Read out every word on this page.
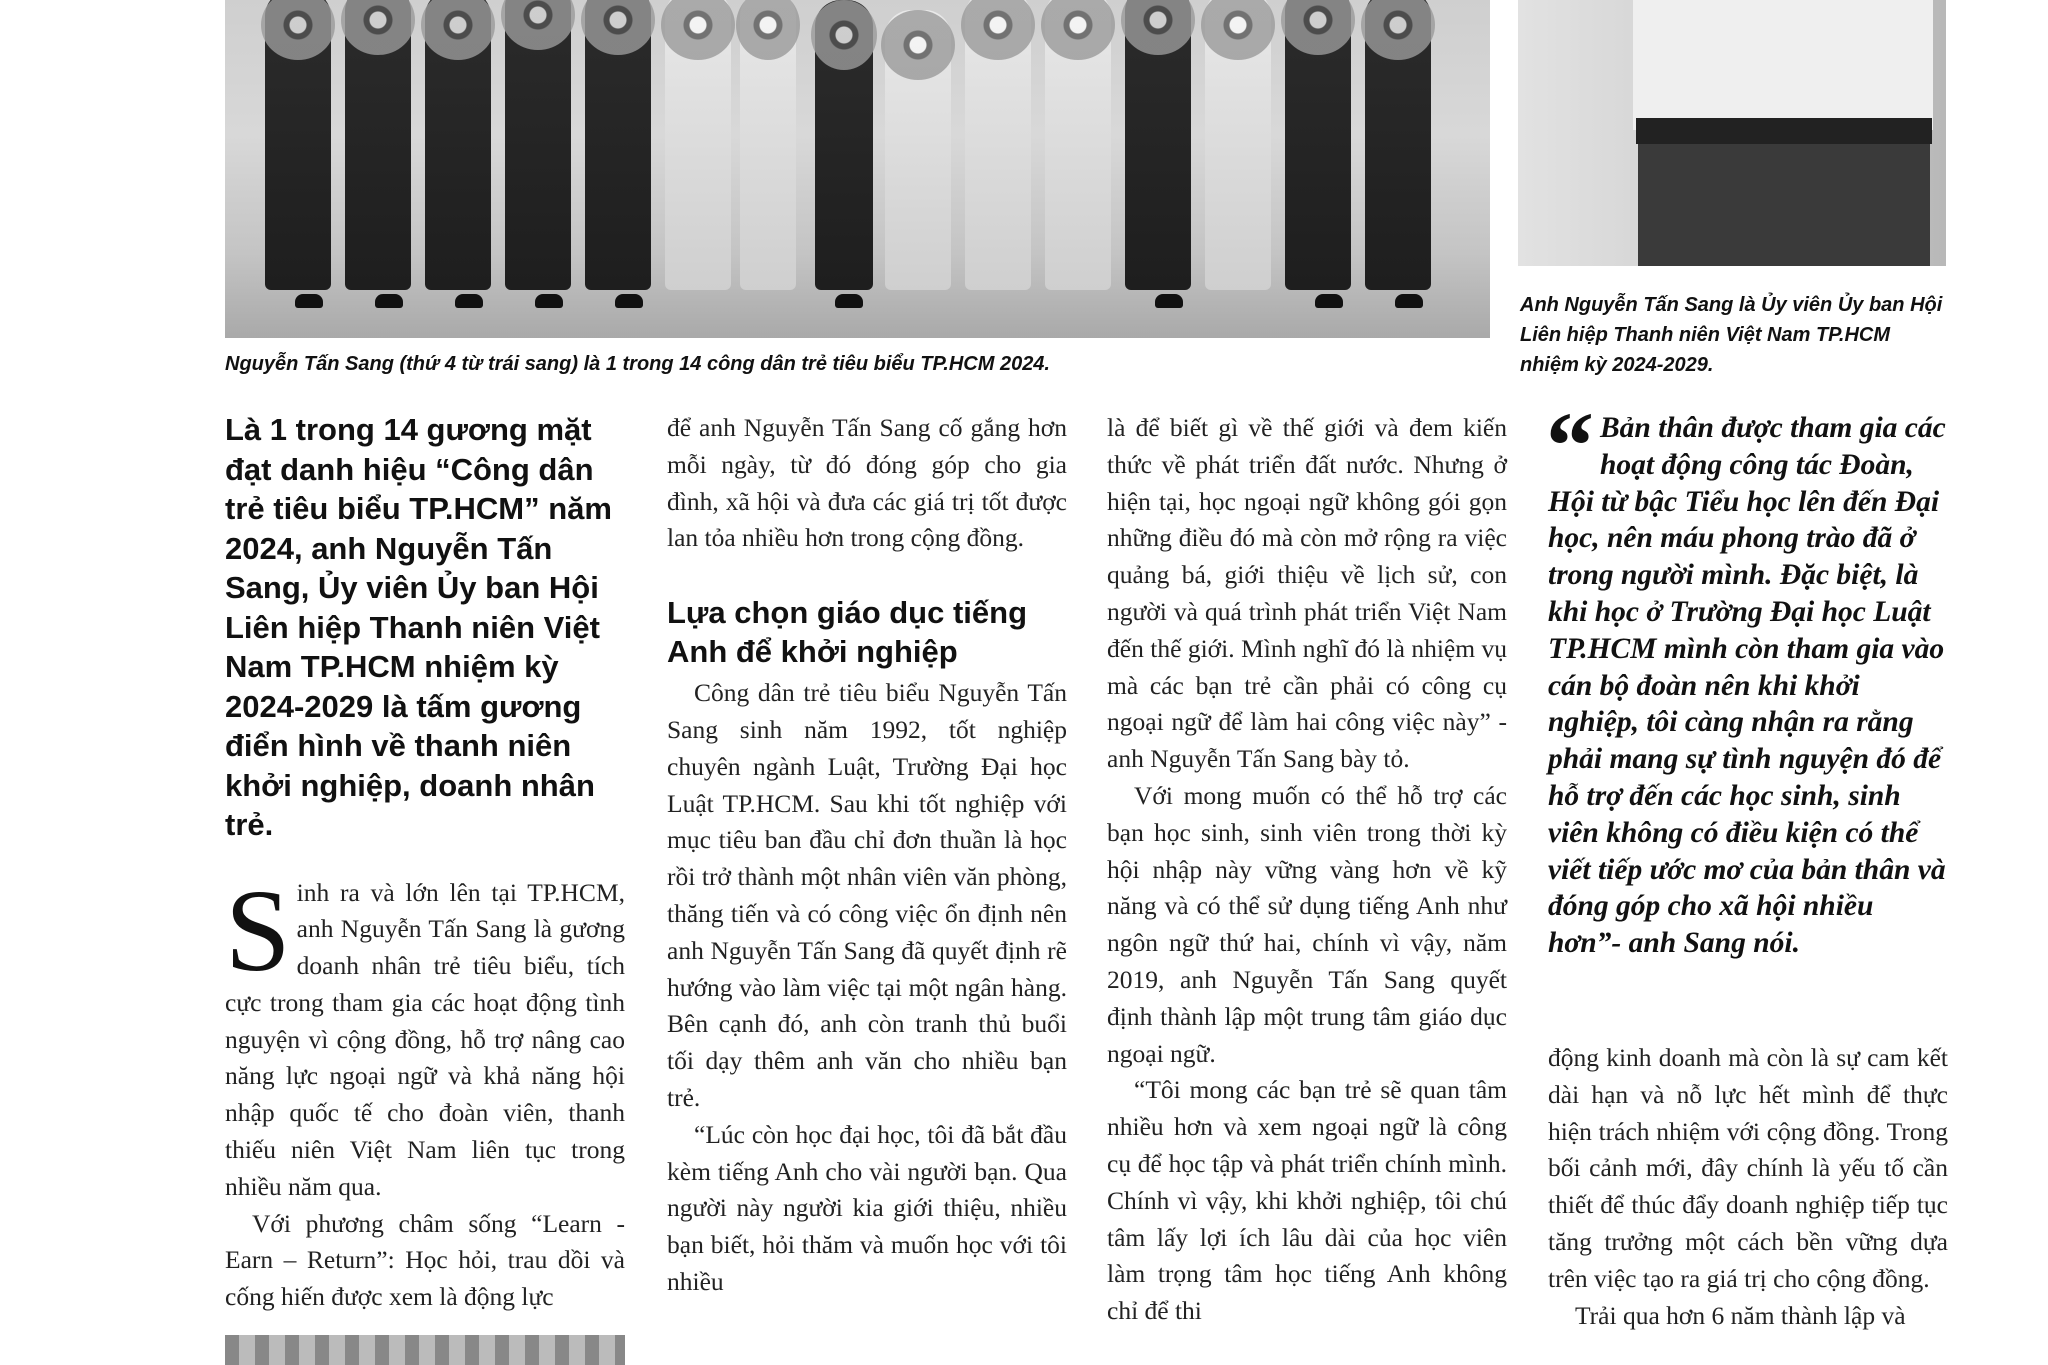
Nguyễn Tấn Sang (thứ 4 từ trái sang) là 1 trong 14 công dân trẻ tiêu biểu TP.HCM 2024.
Anh Nguyễn Tấn Sang là Ủy viên Ủy ban Hội Liên hiệp Thanh niên Việt Nam TP.HCM nhiệm kỳ 2024-2029.
Là 1 trong 14 gương mặt đạt danh hiệu “Công dân trẻ tiêu biểu TP.HCM” năm 2024, anh Nguyễn Tấn Sang, Ủy viên Ủy ban Hội Liên hiệp Thanh niên Việt Nam TP.HCM nhiệm kỳ 2024-2029 là tấm gương điển hình về thanh niên khởi nghiệp, doanh nhân trẻ.

Sinh ra và lớn lên tại TP.HCM, anh Nguyễn Tấn Sang là gương doanh nhân trẻ tiêu biểu, tích cực trong tham gia các hoạt động tình nguyện vì cộng đồng, hỗ trợ nâng cao năng lực ngoại ngữ và khả năng hội nhập quốc tế cho đoàn viên, thanh thiếu niên Việt Nam liên tục trong nhiều năm qua.

Với phương châm sống “Learn - Earn – Return”: Học hỏi, trau dồi và cống hiến được xem là động lực

để anh Nguyễn Tấn Sang cố gắng hơn mỗi ngày, từ đó đóng góp cho gia đình, xã hội và đưa các giá trị tốt được lan tỏa nhiều hơn trong cộng đồng.

Lựa chọn giáo dục tiếng Anh để khởi nghiệp

Công dân trẻ tiêu biểu Nguyễn Tấn Sang sinh năm 1992, tốt nghiệp chuyên ngành Luật, Trường Đại học Luật TP.HCM. Sau khi tốt nghiệp với mục tiêu ban đầu chỉ đơn thuần là học rồi trở thành một nhân viên văn phòng, thăng tiến và có công việc ổn định nên anh Nguyễn Tấn Sang đã quyết định rẽ hướng vào làm việc tại một ngân hàng. Bên cạnh đó, anh còn tranh thủ buổi tối dạy thêm anh văn cho nhiều bạn trẻ.

“Lúc còn học đại học, tôi đã bắt đầu kèm tiếng Anh cho vài người bạn. Qua người này người kia giới thiệu, nhiều bạn biết, hỏi thăm và muốn học với tôi nhiều

là để biết gì về thế giới và đem kiến thức về phát triển đất nước. Nhưng ở hiện tại, học ngoại ngữ không gói gọn những điều đó mà còn mở rộng ra việc quảng bá, giới thiệu về lịch sử, con người và quá trình phát triển Việt Nam đến thế giới. Mình nghĩ đó là nhiệm vụ mà các bạn trẻ cần phải có công cụ ngoại ngữ để làm hai công việc này” - anh Nguyễn Tấn Sang bày tỏ.

Với mong muốn có thể hỗ trợ các bạn học sinh, sinh viên trong thời kỳ hội nhập này vững vàng hơn về kỹ năng và có thể sử dụng tiếng Anh như ngôn ngữ thứ hai, chính vì vậy, năm 2019, anh Nguyễn Tấn Sang quyết định thành lập một trung tâm giáo dục ngoại ngữ.

“Tôi mong các bạn trẻ sẽ quan tâm nhiều hơn và xem ngoại ngữ là công cụ để học tập và phát triển chính mình. Chính vì vậy, khi khởi nghiệp, tôi chú tâm lấy lợi ích lâu dài của học viên làm trọng tâm học tiếng Anh không chỉ để thi

“ Bản thân được tham gia các hoạt động công tác Đoàn, Hội từ bậc Tiểu học lên đến Đại học, nên máu phong trào đã ở trong người mình. Đặc biệt, là khi học ở Trường Đại học Luật TP.HCM mình còn tham gia vào cán bộ đoàn nên khi khởi nghiệp, tôi càng nhận ra rằng phải mang sự tình nguyện đó để hỗ trợ đến các học sinh, sinh viên không có điều kiện có thể viết tiếp ước mơ của bản thân và đóng góp cho xã hội nhiều hơn”- anh Sang nói.

động kinh doanh mà còn là sự cam kết dài hạn và nỗ lực hết mình để thực hiện trách nhiệm với cộng đồng. Trong bối cảnh mới, đây chính là yếu tố cần thiết để thúc đẩy doanh nghiệp tiếp tục tăng trưởng một cách bền vững dựa trên việc tạo ra giá trị cho cộng đồng.

Trải qua hơn 6 năm thành lập và
